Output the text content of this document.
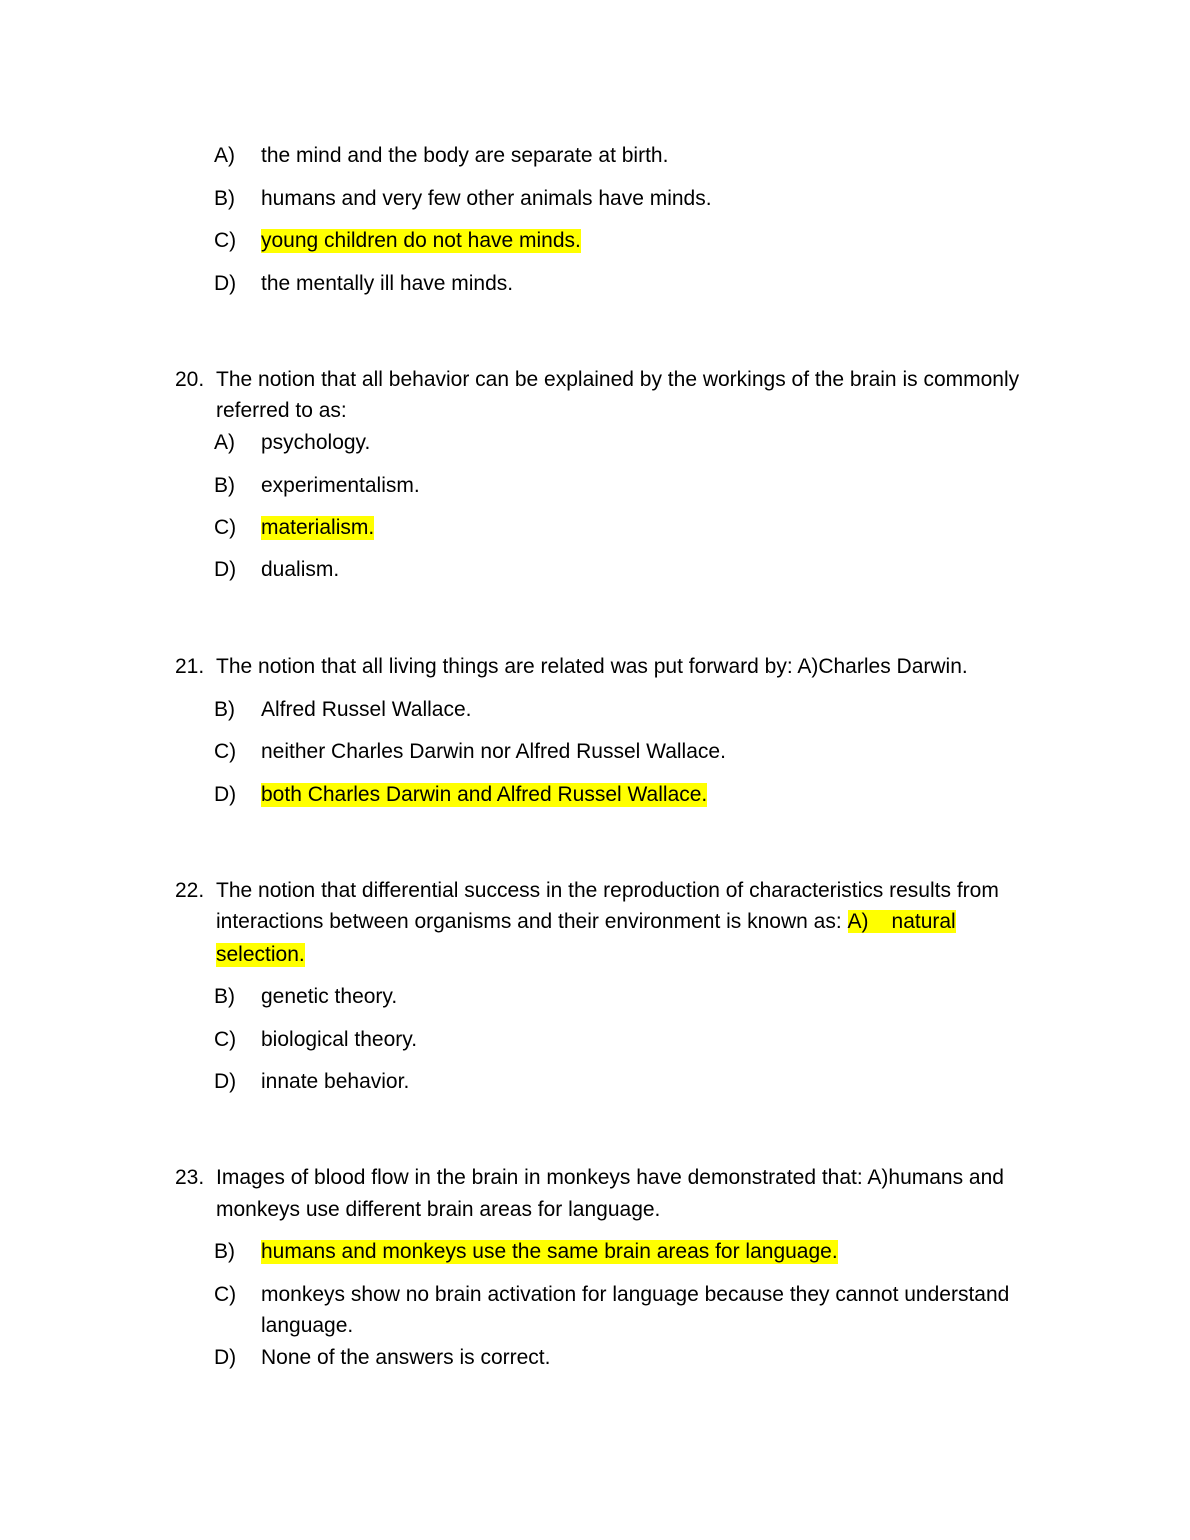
A)	the mind and the body are separate at birth.
B)	humans and very few other animals have minds.
C)	young children do not have minds.
D)	the mentally ill have minds.
20. The notion that all behavior can be explained by the workings of the brain is commonly
referred to as:
A)	psychology.
B)	experimentalism.
C)	materialism.
D)	dualism.
21. The notion that all living things are related was put forward by: A)Charles Darwin.
B)	Alfred Russel Wallace.
C)	neither Charles Darwin nor Alfred Russel Wallace.
D)	both Charles Darwin and Alfred Russel Wallace.
22. The notion that differential success in the reproduction of characteristics results from
interactions between organisms and their environment is known as: A) natural
selection.
B)	genetic theory.
C)	biological theory.
D)	innate behavior.
23. Images of blood flow in the brain in monkeys have demonstrated that: A)humans and
monkeys use different brain areas for language.
B)	humans and monkeys use the same brain areas for language.
C)	monkeys show no brain activation for language because they cannot understand
language.
D)	None of the answers is correct.
